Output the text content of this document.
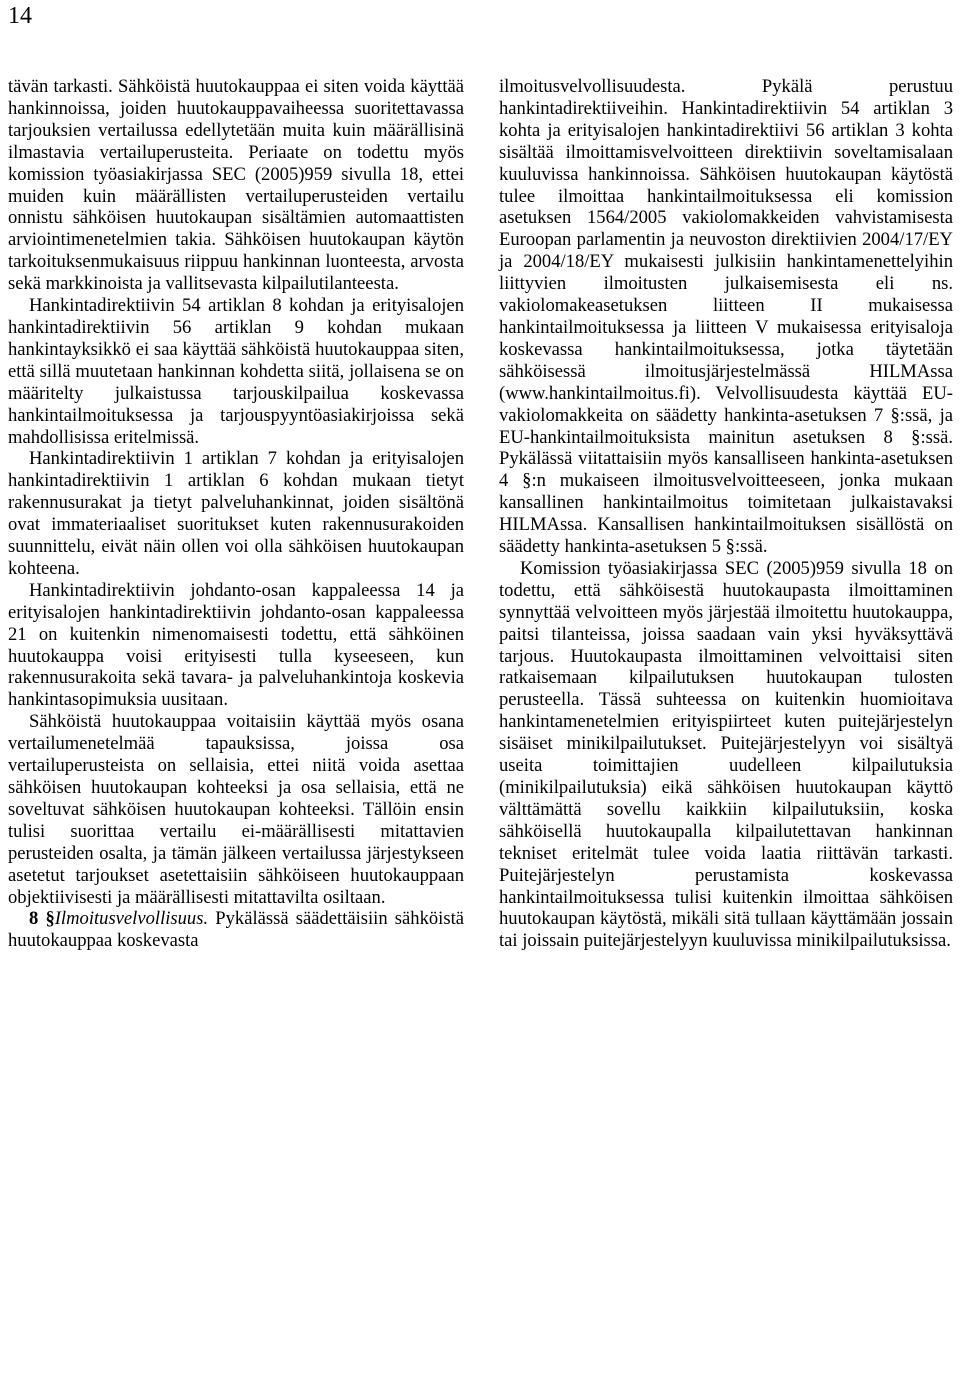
14

tävän tarkasti. Sähköistä huutokauppaa ei siten voida käyttää hankinnoissa, joiden huutokauppavaiheessa suoritettavassa tarjouksien vertailussa edellytetään muita kuin määrällisinä ilmastavia vertailuperusteita. Periaate on todettu myös komission työasiakirjassa SEC (2005)959 sivulla 18, ettei muiden kuin määrällisten vertailuperusteiden vertailu onnistu sähköisen huutokaupan sisältämien automaattisten arviointimenetelmien takia. Sähköisen huutokaupan käytön tarkoituksenmukaisuus riippuu hankinnan luonteesta, arvosta sekä markkinoista ja vallitsevasta kilpailutilanteesta.

Hankintadirektiivin 54 artiklan 8 kohdan ja erityisalojen hankintadirektiivin 56 artiklan 9 kohdan mukaan hankintayksikkö ei saa käyttää sähköistä huutokauppaa siten, että sillä muutetaan hankinnan kohdetta siitä, jollaisena se on määritelty julkaistussa tarjouskilpailua koskevassa hankintailmoituksessa ja tarjouspyyntöasiakirjoissa sekä mahdollisissa eritelmissä.

Hankintadirektiivin 1 artiklan 7 kohdan ja erityisalojen hankintadirektiivin 1 artiklan 6 kohdan mukaan tietyt rakennusurakat ja tietyt palveluhankinnat, joiden sisältönä ovat immateriaaliset suoritukset kuten rakennusurakoiden suunnittelu, eivät näin ollen voi olla sähköisen huutokaupan kohteena.

Hankintadirektiivin johdanto-osan kappaleessa 14 ja erityisalojen hankintadirektiivin johdanto-osan kappaleessa 21 on kuitenkin nimenomaisesti todettu, että sähköinen huutokauppa voisi erityisesti tulla kyseeseen, kun rakennusurakoita sekä tavara- ja palveluhankintoja koskevia hankintasopimuksia uusitaan.

Sähköistä huutokauppaa voitaisiin käyttää myös osana vertailumenetelmää tapauksissa, joissa osa vertailuperusteista on sellaisia, ettei niitä voida asettaa sähköisen huutokaupan kohteeksi ja osa sellaisia, että ne soveltuvat sähköisen huutokaupan kohteeksi. Tällöin ensin tulisi suorittaa vertailu ei-määrällisesti mitattavien perusteiden osalta, ja tämän jälkeen vertailussa järjestykseen asetetut tarjoukset asetettaisiin sähköiseen huutokauppaan objektiivisesti ja määrällisesti mitattavilta osiltaan.

8 §Ilmoitusvelvollisuus. Pykälässä säädettäisiin sähköistä huutokauppaa koskevasta

ilmoitusvelvollisuudesta. Pykälä perustuu hankintadirektiiveihin. Hankintadirektiivin 54 artiklan 3 kohta ja erityisalojen hankintadirektiivi 56 artiklan 3 kohta sisältää ilmoittamisvelvoitteen direktiivin soveltamisalaan kuuluvissa hankinnoissa. Sähköisen huutokaupan käytöstä tulee ilmoittaa hankintailmoituksessa eli komission asetuksen 1564/2005 vakiolomakkeiden vahvistamisesta Euroopan parlamentin ja neuvoston direktiivien 2004/17/EY ja 2004/18/EY mukaisesti julkisiin hankintamenettelyihin liittyvien ilmoitusten julkaisemisesta eli ns. vakiolomakeasetuksen liitteen II mukaisessa hankintailmoituksessa ja liitteen V mukaisessa erityisaloja koskevassa hankintailmoituksessa, jotka täytetään sähköisessä ilmoitusjärjestelmässä HILMAssa (www.hankintailmoitus.fi). Velvollisuudesta käyttää EU-vakiolomakkeita on säädetty hankinta-asetuksen 7 §:ssä, ja EU-hankintailmoituksista mainitun asetuksen 8 §:ssä. Pykälässä viitattaisiin myös kansalliseen hankinta-asetuksen 4 §:n mukaiseen ilmoitusvelvoitteeseen, jonka mukaan kansallinen hankintailmoitus toimitetaan julkaistavaksi HILMAssa. Kansallisen hankintailmoituksen sisällöstä on säädetty hankinta-asetuksen 5 §:ssä.

Komission työasiakirjassa SEC (2005)959 sivulla 18 on todettu, että sähköisestä huutokaupasta ilmoittaminen synnyttää velvoitteen myös järjestää ilmoitettu huutokauppa, paitsi tilanteissa, joissa saadaan vain yksi hyväksyttävä tarjous. Huutokaupasta ilmoittaminen velvoittaisi siten ratkaisemaan kilpailutuksen huutokaupan tulosten perusteella. Tässä suhteessa on kuitenkin huomioitava hankintamenetelmien erityispiirteet kuten puitejärjestelyn sisäiset minikilpailutukset. Puitejärjestelyyn voi sisältyä useita toimittajien uudelleen kilpailutuksia (minikilpailutuksia) eikä sähköisen huutokaupan käyttö välttämättä sovellu kaikkiin kilpailutuksiin, koska sähköisellä huutokaupalla kilpailutettavan hankinnan tekniset eritelmät tulee voida laatia riittävän tarkasti. Puitejärjestelyn perustamista koskevassa hankintailmoituksessa tulisi kuitenkin ilmoittaa sähköisen huutokaupan käytöstä, mikäli sitä tullaan käyttämään jossain tai joissain puitejärjestelyyn kuuluvissa minikilpailutuksissa.
